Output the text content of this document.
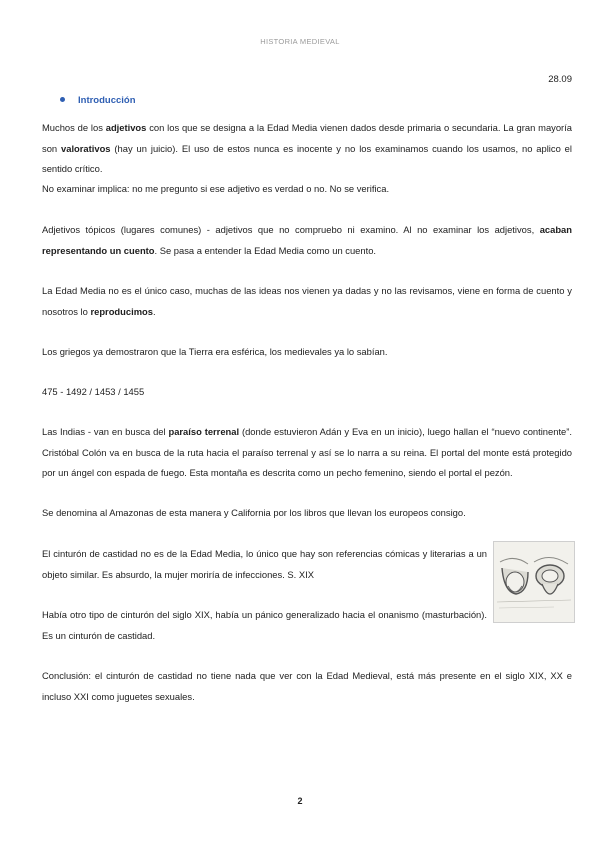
HISTORIA MEDIEVAL
28.09
Introducción
Muchos de los adjetivos con los que se designa a la Edad Media vienen dados desde primaria o secundaria. La gran mayoría son valorativos (hay un juicio). El uso de estos nunca es inocente y no los examinamos cuando los usamos, no aplico el sentido crítico.
No examinar implica: no me pregunto si ese adjetivo es verdad o no. No se verifica.
Adjetivos tópicos (lugares comunes) - adjetivos que no compruebo ni examino. Al no examinar los adjetivos, acaban representando un cuento. Se pasa a entender la Edad Media como un cuento.
La Edad Media no es el único caso, muchas de las ideas nos vienen ya dadas y no las revisamos, viene en forma de cuento y nosotros lo reproducimos.
Los griegos ya demostraron que la Tierra era esférica, los medievales ya lo sabían.
475 - 1492 / 1453 / 1455
Las Indias - van en busca del paraíso terrenal (donde estuvieron Adán y Eva en un inicio), luego hallan el “nuevo continente”. Cristóbal Colón va en busca de la ruta hacia el paraíso terrenal y así se lo narra a su reina. El portal del monte está protegido por un ángel con espada de fuego. Esta montaña es descrita como un pecho femenino, siendo el portal el pezón.
Se denomina al Amazonas de esta manera y California por los libros que llevan los europeos consigo.
El cinturón de castidad no es de la Edad Media, lo único que hay son referencias cómicas y literarias a un objeto similar. Es absurdo, la mujer moriría de infecciones. S. XIX
Había otro tipo de cinturón del siglo XIX, había un pánico generalizado hacia el onanismo (masturbación). Es un cinturón de castidad.
Conclusión: el cinturón de castidad no tiene nada que ver con la Edad Medieval, está más presente en el siglo XIX, XX e incluso XXI como juguetes sexuales.
2
